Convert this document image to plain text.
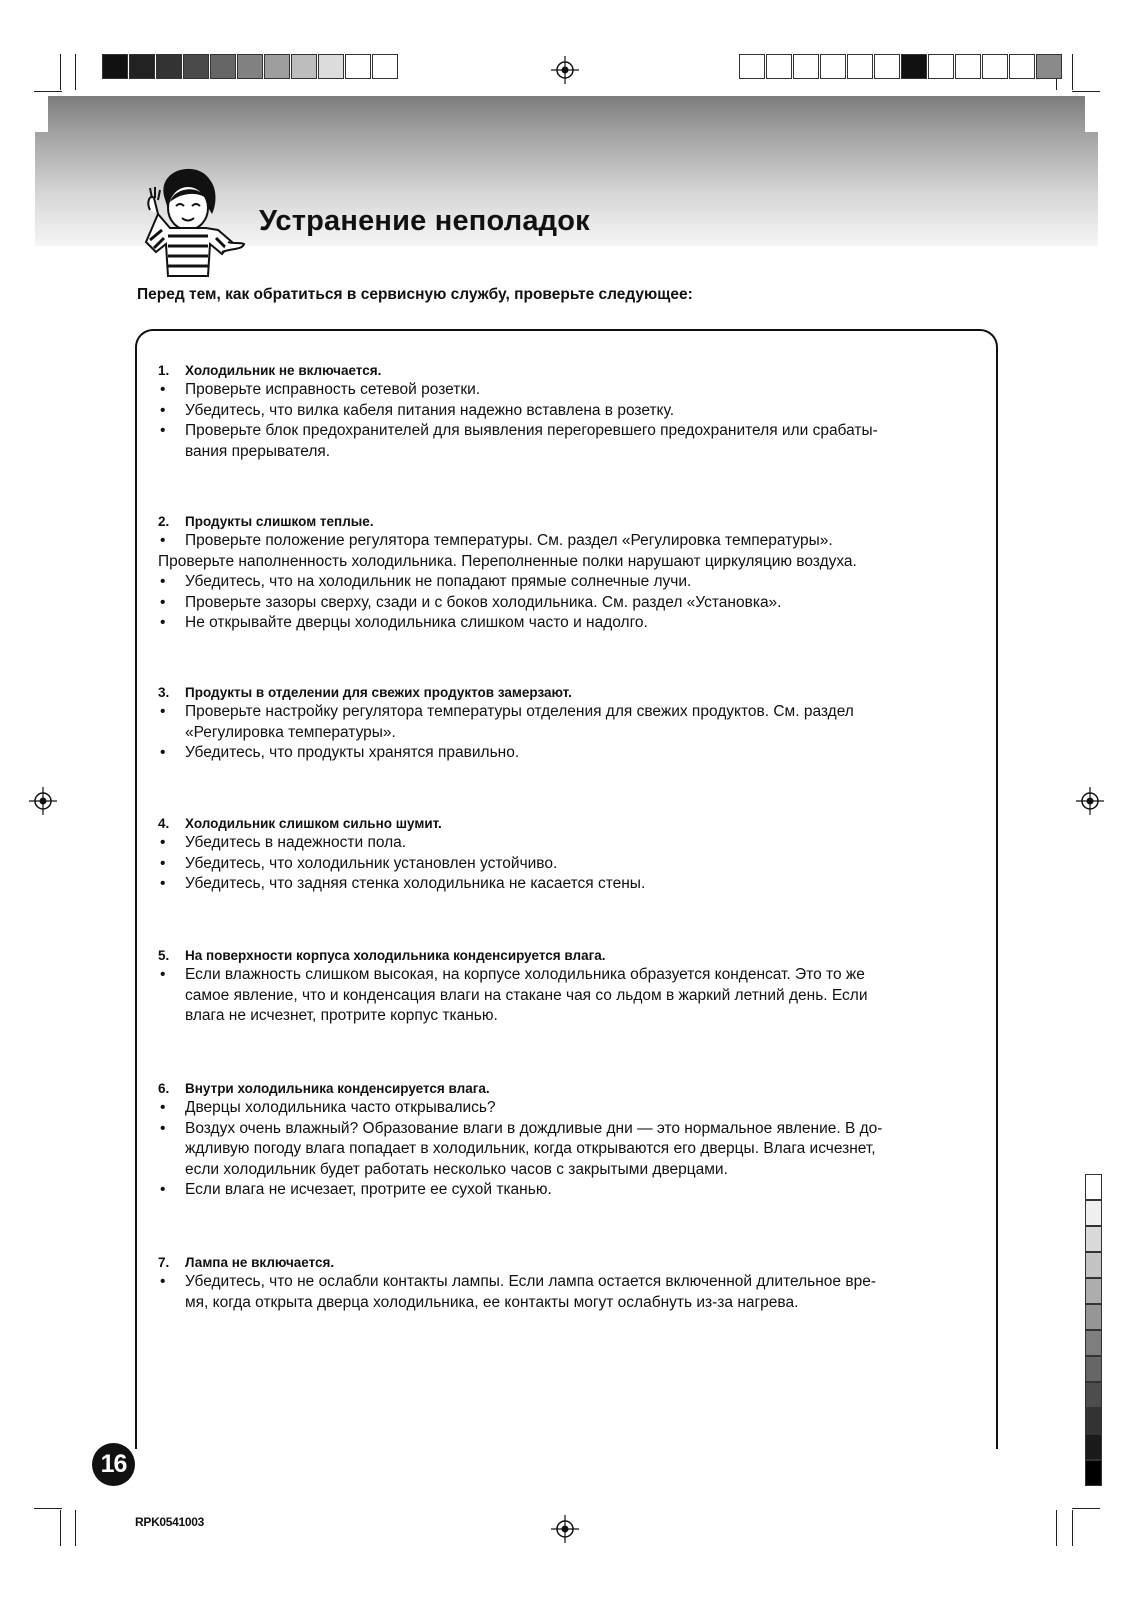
Устранение неполадок
Перед тем, как обратиться в сервисную службу, проверьте следующее:
1. Холодильник не включается.
• Проверьте исправность сетевой розетки.
• Убедитесь, что вилка кабеля питания надежно вставлена в розетку.
• Проверьте блок предохранителей для выявления перегоревшего предохранителя или срабаты-
вания прерывателя.
2. Продукты слишком теплые.
• Проверьте положение регулятора температуры. См. раздел «Регулировка температуры».
Проверьте наполненность холодильника. Переполненные полки нарушают циркуляцию воздуха.
• Убедитесь, что на холодильник не попадают прямые солнечные лучи.
• Проверьте зазоры сверху, сзади и с боков холодильника. См. раздел «Установка».
• Не открывайте дверцы холодильника слишком часто и надолго.
3. Продукты в отделении для свежих продуктов замерзают.
• Проверьте настройку регулятора температуры отделения для свежих продуктов. См. раздел
«Регулировка температуры».
• Убедитесь, что продукты хранятся правильно.
4. Холодильник слишком сильно шумит.
• Убедитесь в надежности пола.
• Убедитесь, что холодильник установлен устойчиво.
• Убедитесь, что задняя стенка холодильника не касается стены.
5. На поверхности корпуса холодильника конденсируется влага.
• Если влажность слишком высокая, на корпусе холодильника образуется конденсат. Это то же
самое явление, что и конденсация влаги на стакане чая со льдом в жаркий летний день. Если
влага не исчезнет, протрите корпус тканью.
6. Внутри холодильника конденсируется влага.
• Дверцы холодильника часто открывались?
• Воздух очень влажный? Образование влаги в дождливые дни — это нормальное явление. В до-
ждливую погоду влага попадает в холодильник, когда открываются его дверцы. Влага исчезнет,
если холодильник будет работать несколько часов с закрытыми дверцами.
• Если влага не исчезает, протрите ее сухой тканью.
7. Лампа не включается.
• Убедитесь, что не ослабли контакты лампы. Если лампа остается включенной длительное вре-
мя, когда открыта дверца холодильника, ее контакты могут ослабнуть из-за нагрева.
16
RPK0541003
